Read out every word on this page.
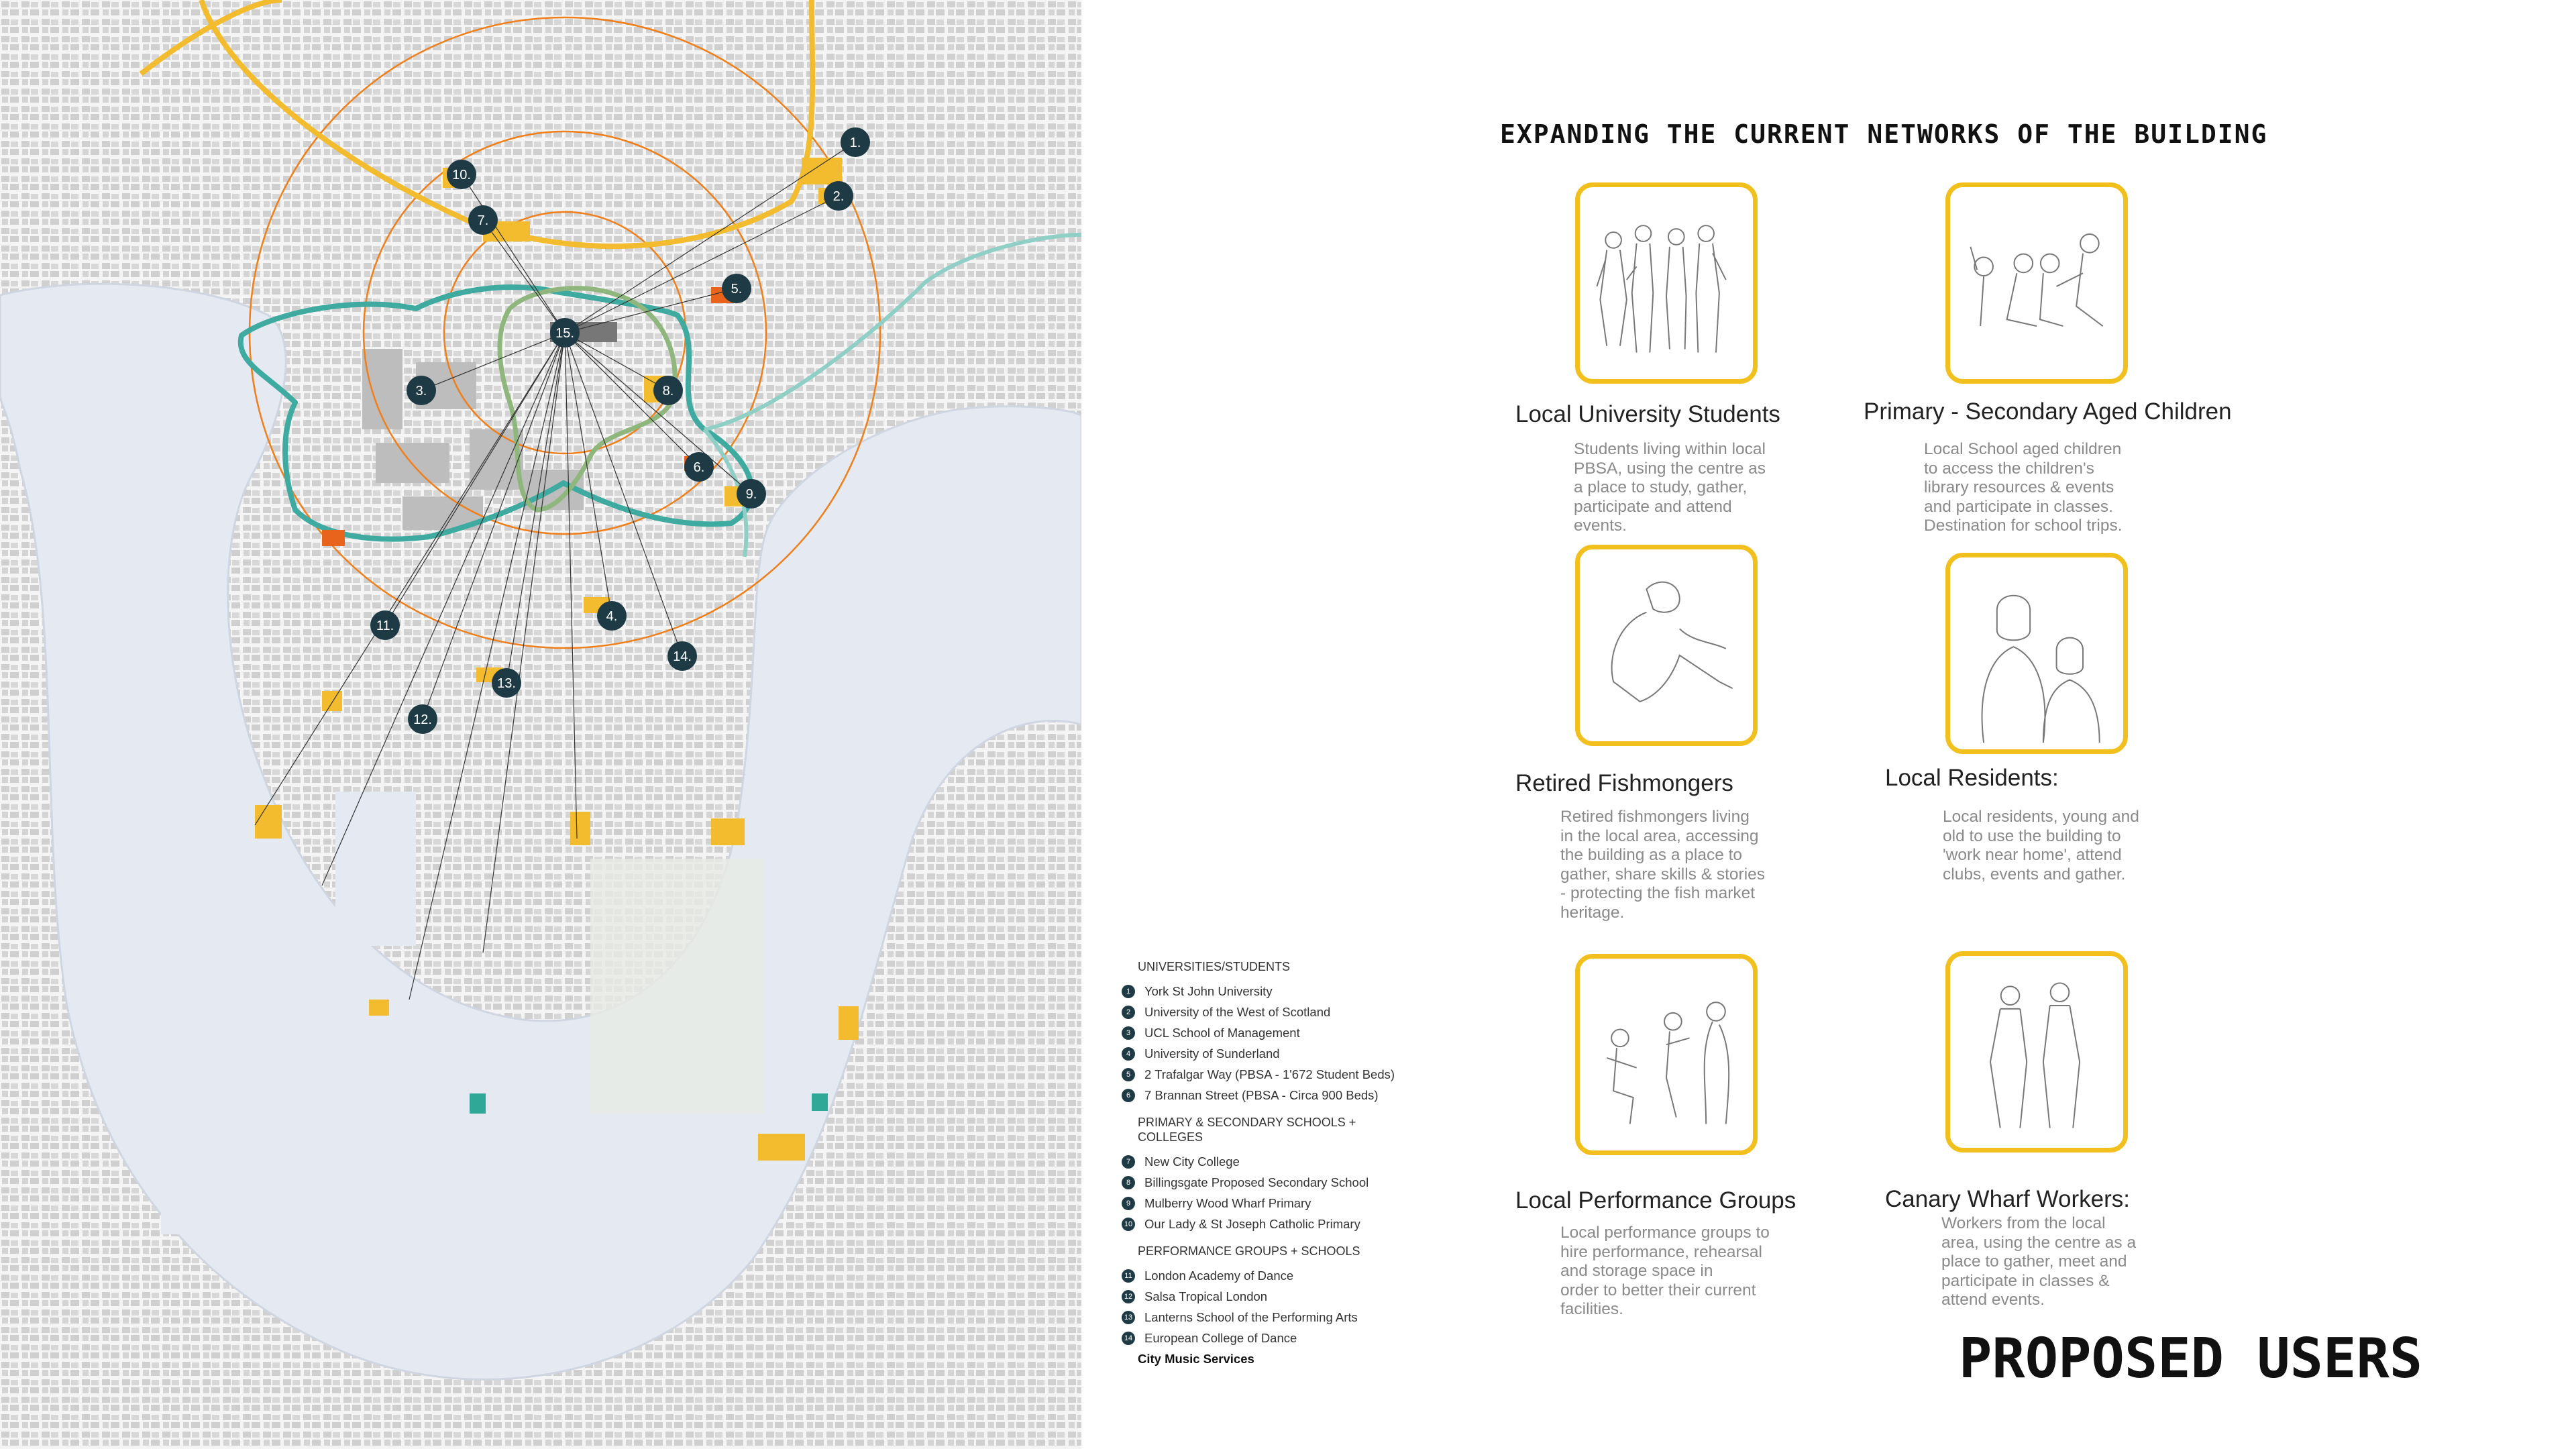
1.
2.
3.
4.
5.
6.
7.
8.
9.
10.
11.
12.
13.
14.
15.
EXPANDING THE CURRENT NETWORKS OF THE BUILDING
Local University Students
Students living within local
PBSA, using the centre as
a place to study, gather,
participate and attend
events.
Primary - Secondary Aged Children
Local School aged children
to access the children's
library resources & events
and participate in classes.
Destination for school trips.
Retired Fishmongers
Retired fishmongers living
in the local area, accessing
the building as a place to
gather, share skills & stories
- protecting the fish market
heritage.
Local Residents:
Local residents, young and
old to use the building to
'work near home', attend
clubs, events and gather.
Local Performance Groups
Local performance groups to
hire performance, rehearsal
and storage space in
order to better their current
facilities.
Canary Wharf Workers:
Workers from the local
area, using the centre as a
place to gather, meet and
participate in classes &
attend events.
PROPOSED USERS
UNIVERSITIES/STUDENTS
1	York St John University
2	University of the West of Scotland
3	UCL School of Management
4	University of Sunderland
5	2 Trafalgar Way (PBSA - 1'672 Student Beds)
6	7 Brannan Street (PBSA - Circa 900 Beds)
PRIMARY & SECONDARY SCHOOLS +
COLLEGES
7	New City College
8	Billingsgate Proposed Secondary School
9	Mulberry Wood Wharf Primary
10 Our Lady & St Joseph Catholic Primary
PERFORMANCE GROUPS + SCHOOLS
11 London Academy of Dance
12 Salsa Tropical London
13 Lanterns School of the Performing Arts
14 European College of Dance
City Music Services
